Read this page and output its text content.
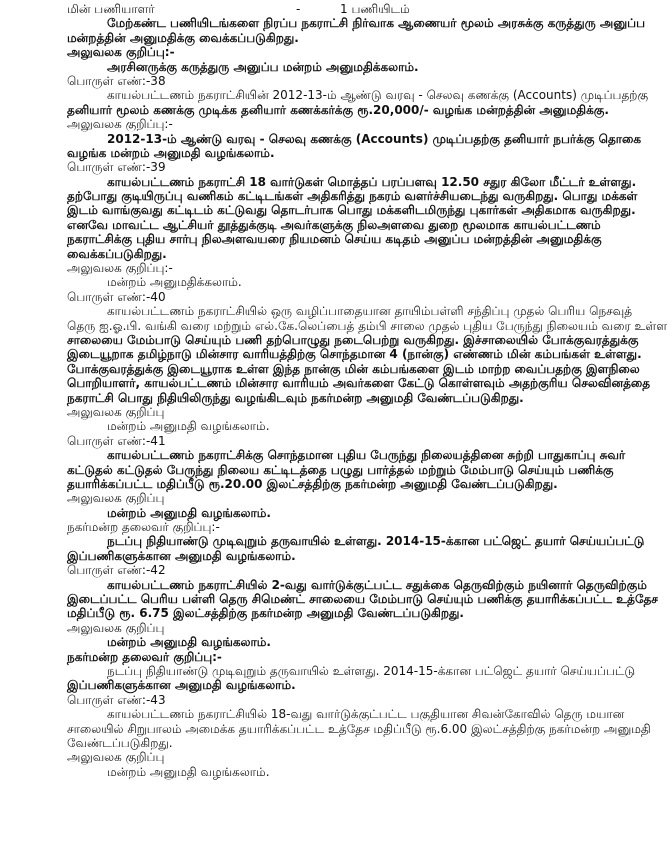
மின் பணியாளர்	-	1 பணியிடம்
மேற்கண்ட பணியிடங்களை நிரப்ப நகராட்சி நிர்வாக ஆணையர் மூலம் அரசுக்கு கருத்துரு அனுப்ப
மன்றத்தின் அனுமதிக்கு வைக்கப்படுகிறது.
அலுவலக குறிப்பு:-
அரசினருக்கு கருத்துரு அனுப்ப மன்றம் அனுமதிக்கலாம்.
பொருள் எண்:-38
காயல்பட்டணம் நகராட்சியின் 2012-13-ம் ஆண்டு வரவு - செலவு கணக்கு (Accounts) முடிப்பதற்கு
தனியார் மூலம் கணக்கு முடிக்க தனியார் கணக்கர்க்கு ரூ.20,000/- வழங்க மன்றத்தின் அனுமதிக்கு.
அலுவலக குறிப்பு:-
2012-13-ம் ஆண்டு வரவு - செலவு கணக்கு (Accounts) முடிப்பதற்கு தனியார் நபர்க்கு தொகை
வழங்க மன்றம் அனுமதி வழங்கலாம்.
பொருள் எண்:-39
காயல்பட்டணம் நகராட்சி 18 வார்டுகள் மொத்தப் பரப்பளவு 12.50 சதுர கிலோ மீட்டர் உள்ளது.
தற்போது குடியிருப்பு வணிகம் கட்டிடங்கள் அதிகரித்து நகரம் வளர்ச்சியடைந்து வருகிறது. பொது மக்கள்
இடம் வாங்குவது கட்டிடம் கட்டுவது தொடர்பாக பொது மக்களிடமிருந்து புகார்கள் அதிகமாக வருகிறது.
எனவே மாவட்ட ஆட்சியர் தூத்துக்குடி அவர்களுக்கு நிலஅளவை துறை மூலமாக காயல்பட்டணம்
நகராட்சிக்கு புதிய சார்பு நிலஅளவயரை நியமனம் செய்ய கடிதம் அனுப்ப மன்றத்தின் அனுமதிக்கு
வைக்கப்படுகிறது.
அலுவலக குறிப்பு:-
மன்றம் அனுமதிக்கலாம்.
பொருள் எண்:-40
காயல்பட்டணம் நகராட்சியில் ஒரு வழிப்பாதையான தாயிம்பள்ளி சந்திப்பு முதல் பெரிய நெசவுத்
தெரு ஐ.ஓ.பி. வங்கி வரை மற்றும் எல்.கே.லெப்பைத் தம்பி சாலை முதல் புதிய பேருந்து நிலையம் வரை உள்ள
சாலையை மேம்பாடு செய்யும் பணி தற்பொழுது நடைபெற்று வருகிறது. இச்சாலையில் போக்குவரத்துக்கு
இடையூறாக தமிழ்நாடு மின்சார வாரியத்திற்கு சொந்தமான 4 (நான்கு) எண்ணம் மின் கம்பங்கள் உள்ளது.
போக்குவரத்துக்கு இடையூராக உள்ள இந்த நான்கு மின் கம்பங்களை இடம் மாற்ற வைப்பதற்கு இளநிலை
பொறியாளர், காயல்பட்டணம் மின்சார வாரியம் அவர்களை கேட்டு கொள்ளவும் அதற்குரிய செலவினத்தை
நகராட்சி பொது நிதியிலிருந்து வழங்கிடவும் நகர்மன்ற அனுமதி வேண்டப்படுகிறது.
அலுவலக குறிப்பு
மன்றம் அனுமதி வழங்கலாம்.
பொருள் எண்:-41
காயல்பட்டணம் நகராட்சிக்கு சொந்தமான புதிய பேருந்து நிலையத்தினை சுற்றி பாதுகாப்பு சுவர்
கட்டுதல் கட்டுதல் பேருந்து நிலைய கட்டிடத்தை பழுது பார்த்தல் மற்றும் மேம்பாடு செய்யும் பணிக்கு
தயாரிக்கப்பட்ட மதிப்பீடு ரூ.20.00 இலட்சத்திற்கு நகர்மன்ற அனுமதி வேண்டப்படுகிறது.
அலுவலக குறிப்பு
மன்றம் அனுமதி வழங்கலாம்.
நகர்மன்ற தலைவர் குறிப்பு:-
நடப்பு நிதியாண்டு முடிவுறும் தருவாயில் உள்ளது. 2014-15-க்கான பட்ஜெட் தயார் செய்யப்பட்டு
இப்பணிகளுக்கான அனுமதி வழங்கலாம்.
பொருள் எண்:-42
காயல்பட்டணம் நகராட்சியில் 2-வது வார்டுக்குட்பட்ட சதுக்கை தெருவிற்கும் நயினார் தெருவிற்கும்
இடைப்பட்ட பெரிய பள்ளி தெரு சிமெண்ட் சாலையை மேம்பாடு செய்யும் பணிக்கு தயாரிக்கப்பட்ட உத்தேச
மதிப்பீடு ரூ. 6.75 இலட்சத்திற்கு நகர்மன்ற அனுமதி வேண்டப்படுகிறது.
அலுவலக குறிப்பு
மன்றம் அனுமதி வழங்கலாம்.
நகர்மன்ற தலைவர் குறிப்பு:-
நடப்பு நிதியாண்டு முடிவுறும் தருவாயில் உள்ளது. 2014-15-க்கான பட்ஜெட் தயார் செய்யப்பட்டு
இப்பணிகளுக்கான அனுமதி வழங்கலாம்.
பொருள் எண்:-43
காயல்பட்டணம் நகராட்சியில் 18-வது வார்டுக்குட்பட்ட பகுதியான சிவன்கோவில் தெரு மயான
சாலையில் சிறுபாலம் அமைக்க தயாரிக்கப்பட்ட உத்தேச மதிப்பீடு ரூ.6.00 இலட்சத்திற்கு நகர்மன்ற அனுமதி
வேண்டப்படுகிறது.
அலுவலக குறிப்பு
மன்றம் அனுமதி வழங்கலாம்.
